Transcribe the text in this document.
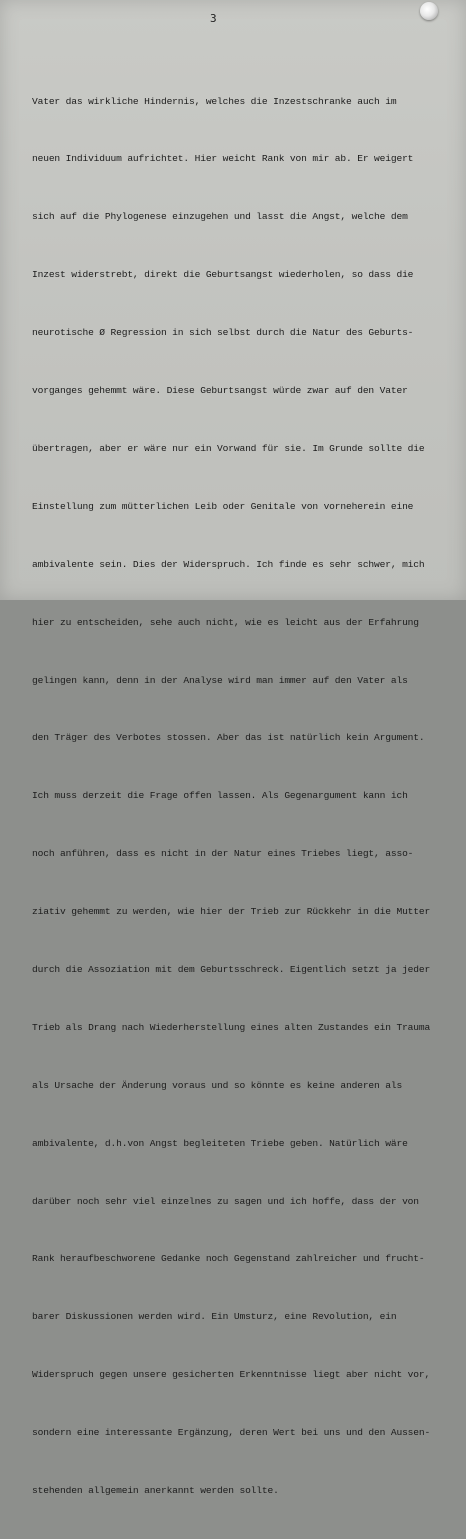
3

Vater das wirkliche Hindernis, welches die Inzestschranke auch im

neuen Individuum aufrichtet. Hier weicht Rank von mir ab. Er weigert

sich auf die Phylogenese einzugehen und lasst die Angst, welche dem

Inzest widerstrebt, direkt die Geburtsangst wiederholen, so dass die

neurotische Ø Regression in sich selbst durch die Natur des Geburts-

vorganges gehemmt wäre. Diese Geburtsangst würde zwar auf den Vater

übertragen, aber er wäre nur ein Vorwand für sie. Im Grunde sollte die

Einstellung zum mütterlichen Leib oder Genitale von vorneherein eine

ambivalente sein. Dies der Widerspruch. Ich finde es sehr schwer, mich

hier zu entscheiden, sehe auch nicht, wie es leicht aus der Erfahrung

gelingen kann, denn in der Analyse wird man immer auf den Vater als

den Träger des Verbotes stossen. Aber das ist natürlich kein Argument.

Ich muss derzeit die Frage offen lassen. Als Gegenargument kann ich

noch anführen, dass es nicht in der Natur eines Triebes liegt, asso-

ziativ gehemmt zu werden, wie hier der Trieb zur Rückkehr in die Mutter

durch die Assoziation mit dem Geburtsschreck. Eigentlich setzt ja jeder

Trieb als Drang nach Wiederherstellung eines alten Zustandes ein Trauma

als Ursache der Änderung voraus und so könnte es keine anderen als

ambivalente, d.h.von Angst begleiteten Triebe geben. Natürlich wäre

darüber noch sehr viel einzelnes zu sagen und ich hoffe, dass der von

Rank heraufbeschworene Gedanke noch Gegenstand zahlreicher und frucht-

barer Diskussionen werden wird. Ein Umsturz, eine Revolution, ein

Widerspruch gegen unsere gesicherten Erkenntnisse liegt aber nicht vor,

sondern eine interessante Ergänzung, deren Wert bei uns und den Aussen-

stehenden allgemein anerkannt werden sollte.
